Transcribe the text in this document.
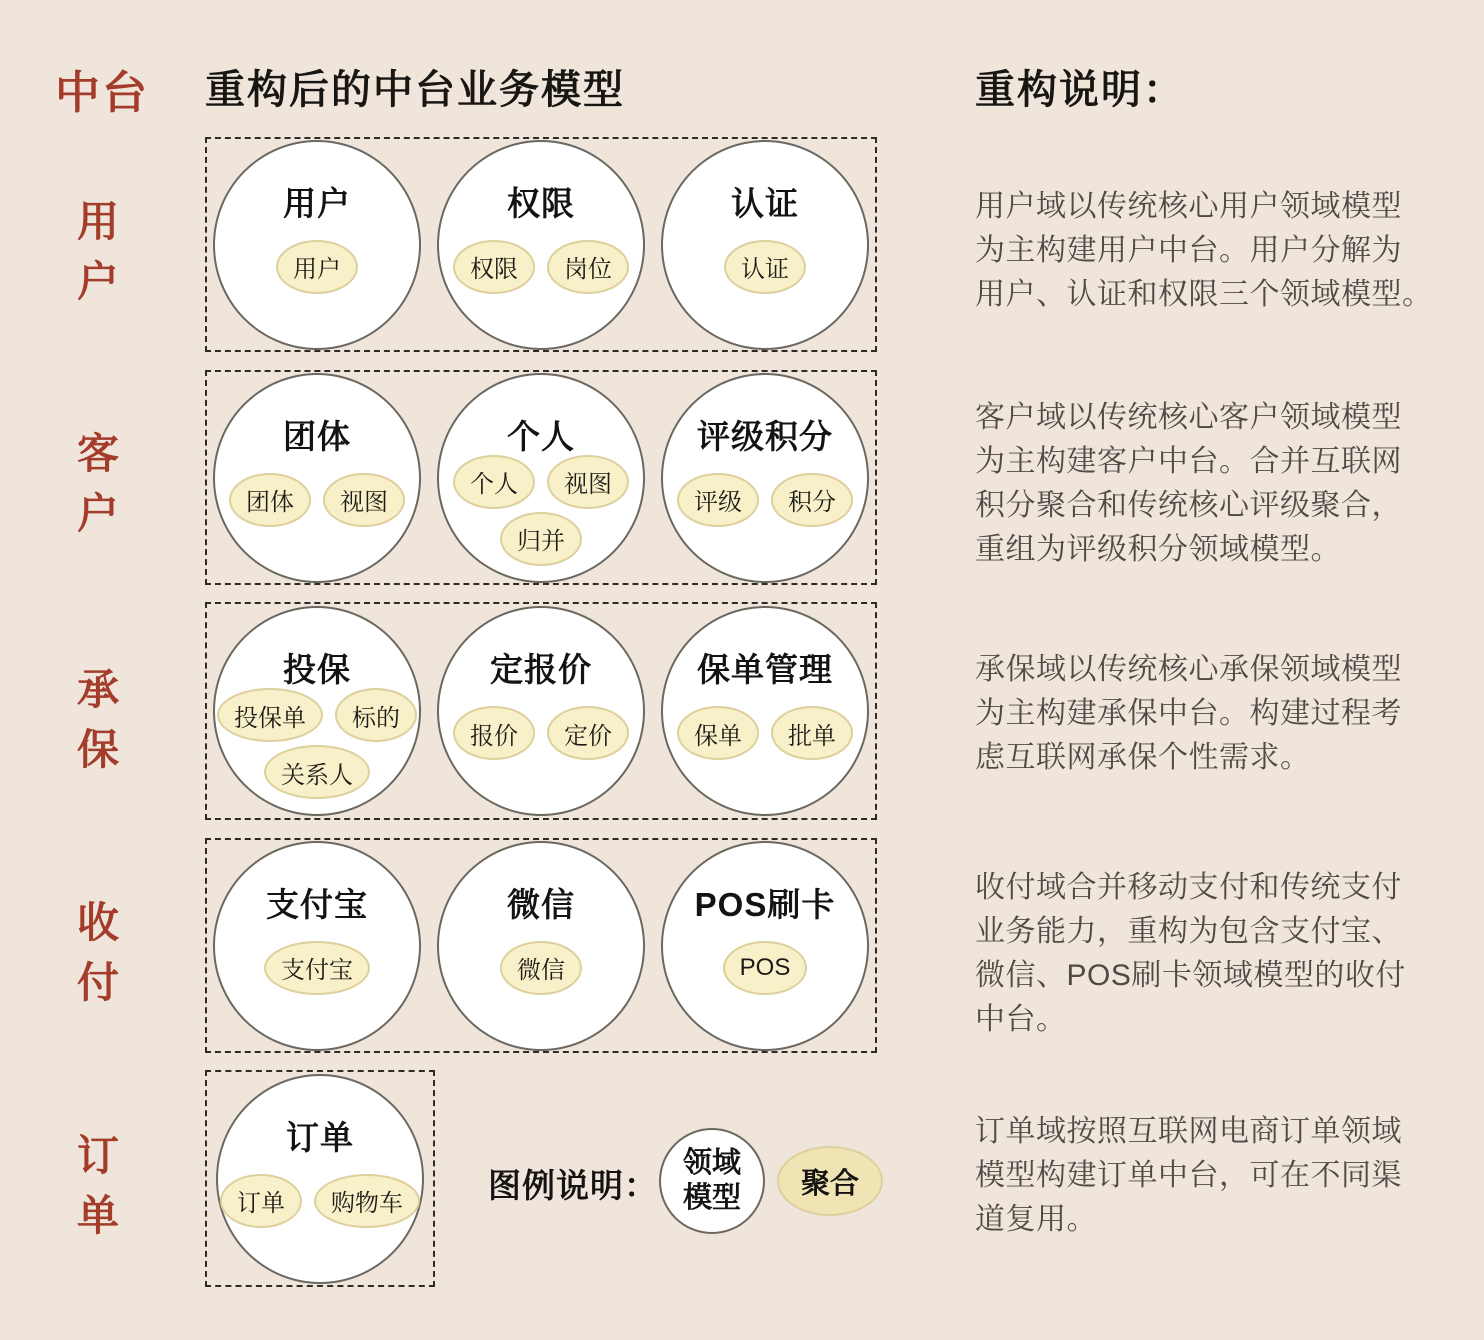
中台 重构后的中台业务模型	重构说明：
用户
客户
承保
收付
订单
用户
用户
权限
权限	岗位
认证
认证
团体
团体	视图
个人
个人	视图
归并
评级积分
评级	积分
投保
投保单	标的
关系人
定报价
报价	定价
保单管理
保单	批单
支付宝
支付宝
微信
微信
POS刷卡
POS
订单
订单	购物车
用户域以传统核心用户领域模型
为主构建用户中台。用户分解为
用户、认证和权限三个领域模型。
客户域以传统核心客户领域模型
为主构建客户中台。合并互联网
积分聚合和传统核心评级聚合，
重组为评级积分领域模型。
承保域以传统核心承保领域模型
为主构建承保中台。构建过程考
虑互联网承保个性需求。
收付域合并移动支付和传统支付
业务能力，重构为包含支付宝、
微信、POS刷卡领域模型的收付
中台。
订单域按照互联网电商订单领域
模型构建订单中台，可在不同渠
道复用。
图例说明：
领域
模型	聚合
